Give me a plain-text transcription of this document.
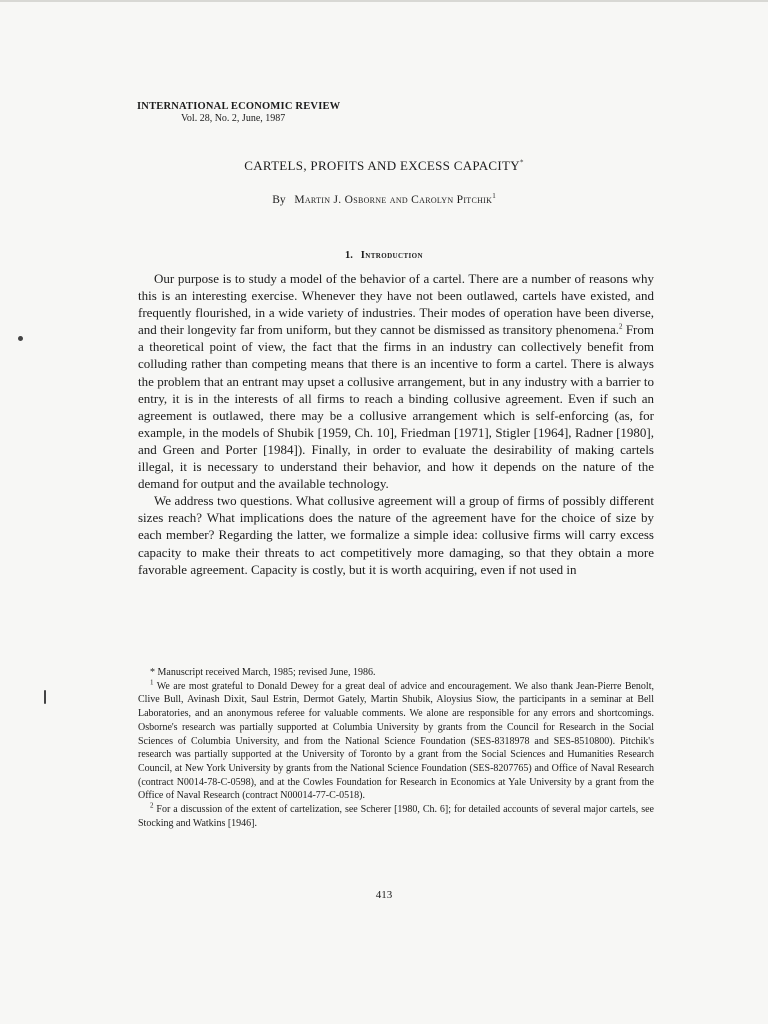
INTERNATIONAL ECONOMIC REVIEW

Vol. 28, No. 2, June, 1987

CARTELS, PROFITS AND EXCESS CAPACITY*

By Martin J. Osborne and Carolyn Pitchik$^1$

1. Introduction

Our purpose is to study a model of the behavior of a cartel. There are a number of reasons why this is an interesting exercise. Whenever they have not been outlawed, cartels have existed, and frequently flourished, in a wide variety of industries. Their modes of operation have been diverse, and their longevity far from uniform, but they cannot be dismissed as transitory phenomena.$^2$ From a theoretical point of view, the fact that the firms in an industry can collectively benefit from colluding rather than competing means that there is an incentive to form a cartel. There is always the problem that an entrant may upset a collusive arrangement, but in any industry with a barrier to entry, it is in the interests of all firms to reach a binding collusive agreement. Even if such an agreement is outlawed, there may be a collusive arrangement which is self-enforcing (as, for example, in the models of Shubik [1959, Ch. 10], Friedman [1971], Stigler [1964], Radner [1980], and Green and Porter [1984]). Finally, in order to evaluate the desirability of making cartels illegal, it is necessary to understand their behavior, and how it depends on the nature of the demand for output and the available technology.

We address two questions. What collusive agreement will a group of firms of possibly different sizes reach? What implications does the nature of the agreement have for the choice of size by each member? Regarding the latter, we formalize a simple idea: collusive firms will carry excess capacity to make their threats to act competitively more damaging, so that they obtain a more favorable agreement. Capacity is costly, but it is worth acquiring, even if not used in

* Manuscript received March, 1985; revised June, 1986.

$^1$ We are most grateful to Donald Dewey for a great deal of advice and encouragement. We also thank Jean-Pierre Benolt, Clive Bull, Avinash Dixit, Saul Estrin, Dermot Gately, Martin Shubik, Aloysius Siow, the participants in a seminar at Bell Laboratories, and an anonymous referee for valuable comments. We alone are responsible for any errors and shortcomings. Osborne's research was partially supported at Columbia University by grants from the Council for Research in the Social Sciences of Columbia University, and from the National Science Foundation (SES-8318978 and SES-8510800). Pitchik's research was partially supported at the University of Toronto by a grant from the Social Sciences and Humanities Research Council, at New York University by grants from the National Science Foundation (SES-8207765) and Office of Naval Research (contract N0014-78-C-0598), and at the Cowles Foundation for Research in Economics at Yale University by a grant from the Office of Naval Research (contract N00014-77-C-0518).

$^2$ For a discussion of the extent of cartelization, see Scherer [1980, Ch. 6]; for detailed accounts of several major cartels, see Stocking and Watkins [1946].

413
